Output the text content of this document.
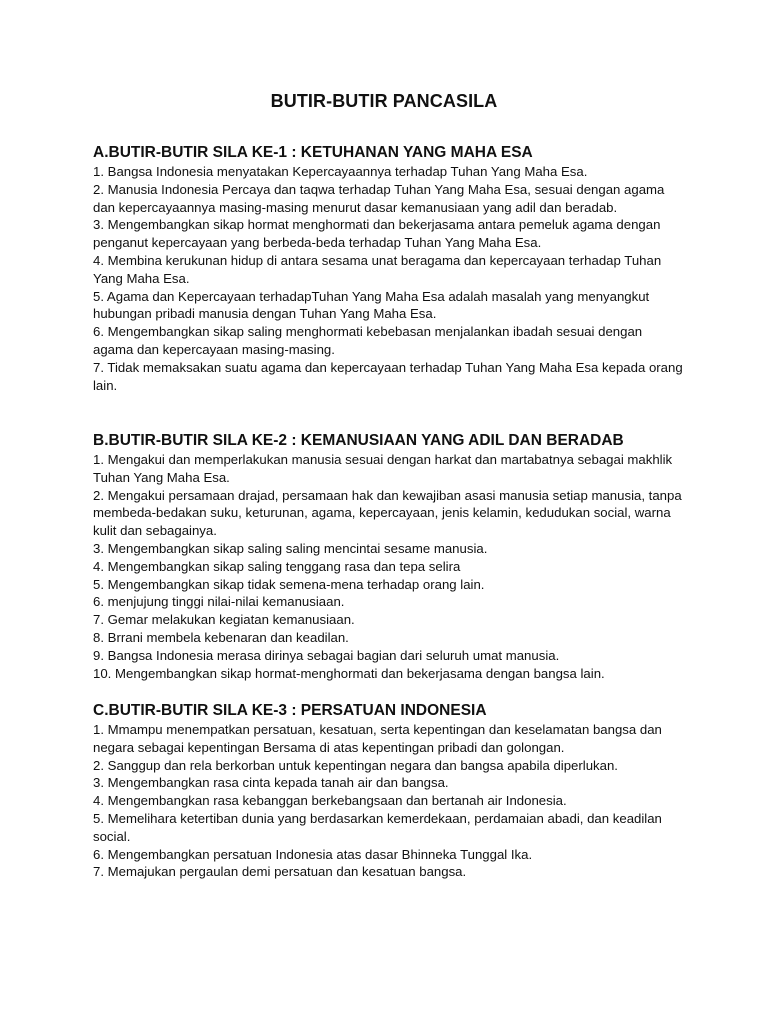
BUTIR-BUTIR PANCASILA
A.BUTIR-BUTIR SILA KE-1 : KETUHANAN YANG MAHA ESA

1. Bangsa Indonesia menyatakan Kepercayaannya terhadap Tuhan Yang Maha Esa.

2. Manusia Indonesia Percaya dan taqwa terhadap Tuhan Yang Maha Esa, sesuai dengan agama dan kepercayaannya masing-masing menurut dasar kemanusiaan yang adil dan beradab.

3. Mengembangkan sikap hormat menghormati dan bekerjasama antara pemeluk agama dengan penganut kepercayaan yang berbeda-beda terhadap Tuhan Yang Maha Esa.

4. Membina kerukunan hidup di antara sesama unat beragama dan kepercayaan terhadap Tuhan Yang Maha Esa.

5. Agama dan Kepercayaan terhadapTuhan Yang Maha Esa adalah masalah yang menyangkut hubungan pribadi manusia dengan Tuhan Yang Maha Esa.

6. Mengembangkan sikap saling menghormati kebebasan menjalankan ibadah sesuai dengan agama dan kepercayaan masing-masing.

7. Tidak memaksakan suatu agama dan kepercayaan terhadap Tuhan Yang Maha Esa kepada orang lain.

B.BUTIR-BUTIR SILA KE-2 : KEMANUSIAAN YANG ADIL DAN BERADAB

1. Mengakui dan memperlakukan manusia sesuai dengan harkat dan martabatnya sebagai makhlik Tuhan Yang Maha Esa.

2. Mengakui persamaan drajad, persamaan hak dan kewajiban asasi manusia setiap manusia, tanpa membeda-bedakan suku, keturunan, agama, kepercayaan, jenis kelamin, kedudukan social, warna kulit dan sebagainya.

3. Mengembangkan sikap saling saling mencintai sesame manusia.

4. Mengembangkan sikap saling tenggang rasa dan tepa selira

5. Mengembangkan sikap tidak semena-mena terhadap orang lain.

6. menjujung tinggi nilai-nilai kemanusiaan.

7. Gemar melakukan kegiatan kemanusiaan.

8. Brrani membela kebenaran dan keadilan.

9. Bangsa Indonesia merasa dirinya sebagai bagian dari seluruh umat manusia.

10. Mengembangkan sikap hormat-menghormati dan bekerjasama dengan bangsa lain.

C.BUTIR-BUTIR SILA KE-3 : PERSATUAN INDONESIA

1. Mmampu menempatkan persatuan, kesatuan, serta kepentingan dan keselamatan bangsa dan negara sebagai kepentingan Bersama di atas kepentingan pribadi dan golongan.

2. Sanggup dan rela berkorban untuk kepentingan negara dan bangsa apabila diperlukan.

3. Mengembangkan rasa cinta kepada tanah air dan bangsa.

4. Mengembangkan rasa kebanggan berkebangsaan dan bertanah air Indonesia.

5. Memelihara ketertiban dunia yang berdasarkan kemerdekaan, perdamaian abadi, dan keadilan social.

6. Mengembangkan persatuan Indonesia atas dasar Bhinneka Tunggal Ika.

7. Memajukan pergaulan demi persatuan dan kesatuan bangsa.
